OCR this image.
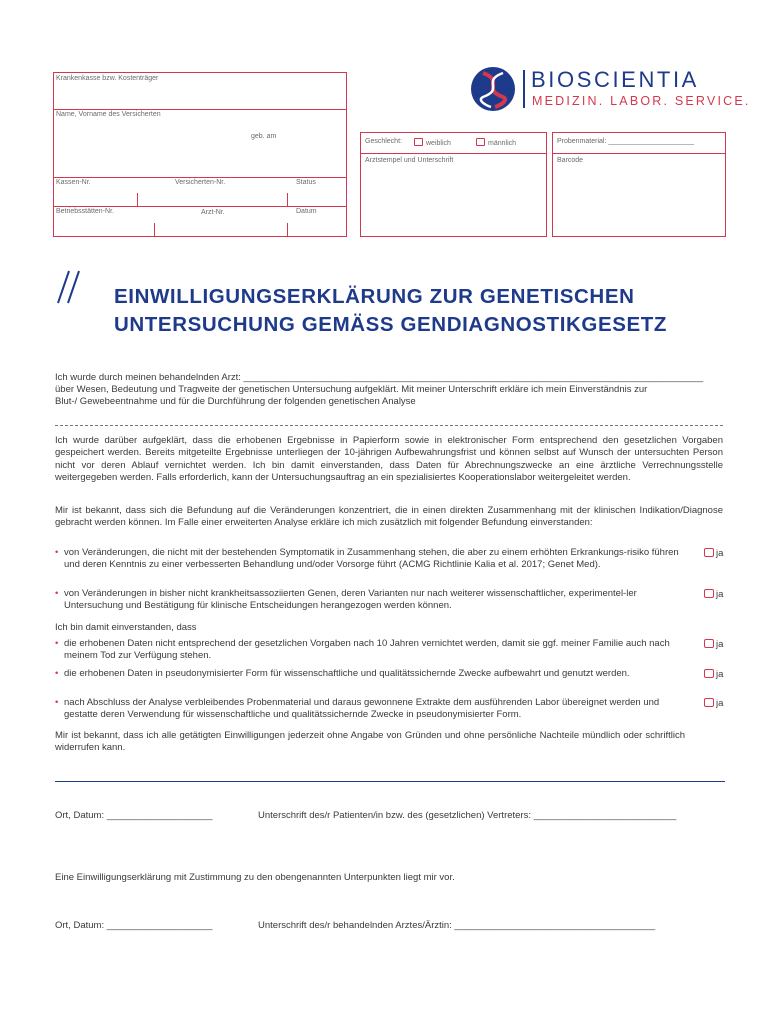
Krankenkasse bzw. Kostenträger
Name, Vorname des Versicherten
geb. am
Kassen-Nr.	Versicherten-Nr.	Status
Betriebsstätten-Nr.	Arzt-Nr.	Datum
Geschlecht:	weiblich	männlich
Arztstempel und Unterschrift
Probenmaterial: ______________________
Barcode
BIOSCIENTIA
MEDIZIN. LABOR. SERVICE.
EINWILLIGUNGSERKLÄRUNG ZUR GENETISCHEN
UNTERSUCHUNG GEMÄSS GENDIAGNOSTIKGESETZ
Ich wurde durch meinen behandelnden Arzt: _______________________________________________________________________________________
über Wesen, Bedeutung und Tragweite der genetischen Untersuchung aufgeklärt. Mit meiner Unterschrift erkläre ich mein Einverständnis zur
Blut-/ Gewebeentnahme und für die Durchführung der folgenden genetischen Analyse
Ich wurde darüber aufgeklärt, dass die erhobenen Ergebnisse in Papierform sowie in elektronischer Form entsprechend den gesetzlichen Vorgaben gespeichert werden. Bereits mitgeteilte Ergebnisse unterliegen der 10-jährigen Aufbewahrungsfrist und können selbst auf Wunsch der untersuchten Person nicht vor deren Ablauf vernichtet werden. Ich bin damit einverstanden, dass Daten für Abrechnungszwecke an eine ärztliche Verrechnungsstelle weitergegeben werden. Falls erforderlich, kann der Untersuchungsauftrag an ein spezialisiertes Kooperationslabor weitergeleitet werden.
Mir ist bekannt, dass sich die Befundung auf die Veränderungen konzentriert, die in einen direkten Zusammenhang mit der klinischen Indikation/Diagnose gebracht werden können. Im Falle einer erweiterten Analyse erkläre ich mich zusätzlich mit folgender Befundung einverstanden:
• von Veränderungen, die nicht mit der bestehenden Symptomatik in Zusammenhang stehen, die aber zu einem erhöhten Erkrankungs-risiko führen und deren Kenntnis zu einer verbesserten Behandlung und/oder Vorsorge führt (ACMG Richtlinie Kalia et al. 2017; Genet Med).
ja
• von Veränderungen in bisher nicht krankheitsassoziierten Genen, deren Varianten nur nach weiterer wissenschaftlicher, experimentel-ler Untersuchung und Bestätigung für klinische Entscheidungen herangezogen werden können.
ja
Ich bin damit einverstanden, dass
• die erhobenen Daten nicht entsprechend der gesetzlichen Vorgaben nach 10 Jahren vernichtet werden, damit sie ggf. meiner Familie auch nach meinem Tod zur Verfügung stehen.
ja
• die erhobenen Daten in pseudonymisierter Form für wissenschaftliche und qualitätssichernde Zwecke aufbewahrt und genutzt werden.	ja
• nach Abschluss der Analyse verbleibendes Probenmaterial und daraus gewonnene Extrakte dem ausführenden Labor übereignet werden und gestatte deren Verwendung für wissenschaftliche und qualitätssichernde Zwecke in pseudonymisierter Form.
ja
Mir ist bekannt, dass ich alle getätigten Einwilligungen jederzeit ohne Angabe von Gründen und ohne persönliche Nachteile mündlich oder schriftlich widerrufen kann.
Ort, Datum: ____________________	Unterschrift des/r Patienten/in bzw. des (gesetzlichen) Vertreters: ___________________________
Eine Einwilligungserklärung mit Zustimmung zu den obengenannten Unterpunkten liegt mir vor.
Ort, Datum: ____________________	Unterschrift des/r behandelnden Arztes/Ärztin: ______________________________________
